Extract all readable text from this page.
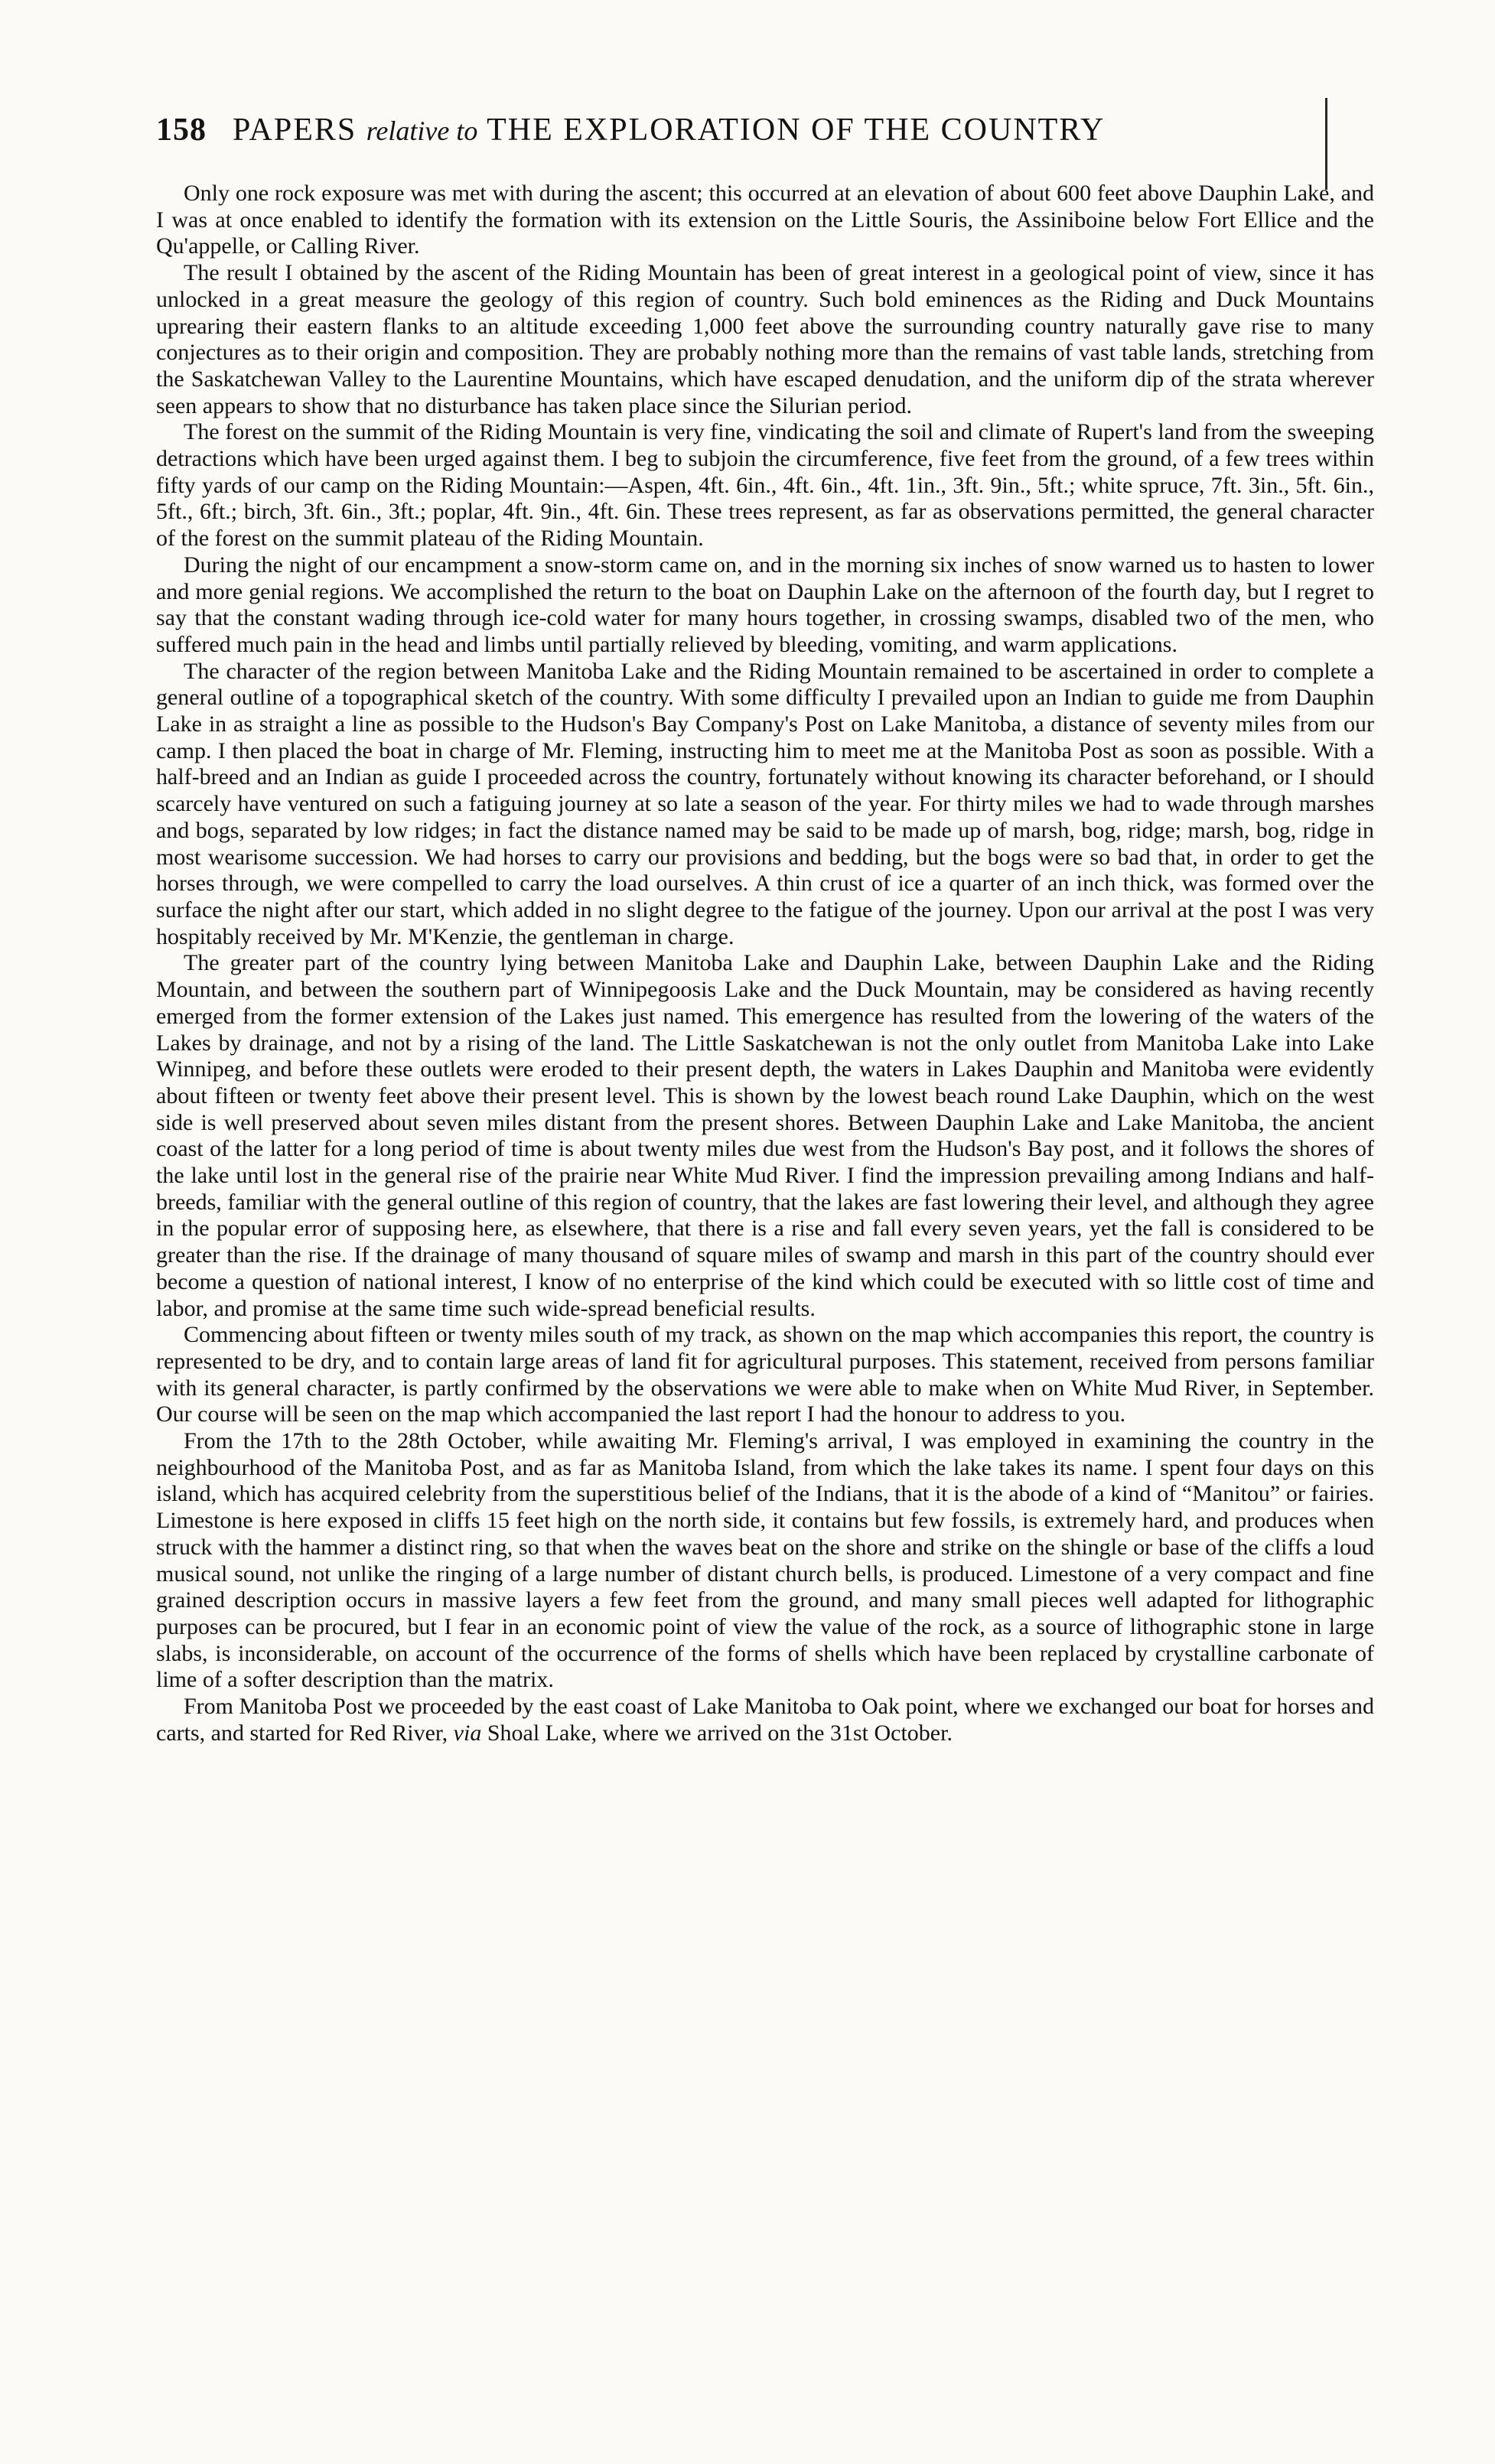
158 PAPERS relative to THE EXPLORATION OF THE COUNTRY

Only one rock exposure was met with during the ascent; this occurred at an elevation of about 600 feet above Dauphin Lake, and I was at once enabled to identify the formation with its extension on the Little Souris, the Assiniboine below Fort Ellice and the Qu'appelle, or Calling River.

The result I obtained by the ascent of the Riding Mountain has been of great interest in a geological point of view, since it has unlocked in a great measure the geology of this region of country. Such bold eminences as the Riding and Duck Mountains uprearing their eastern flanks to an altitude exceeding 1,000 feet above the surrounding country naturally gave rise to many conjectures as to their origin and composition. They are probably nothing more than the remains of vast table lands, stretching from the Saskatchewan Valley to the Laurentine Mountains, which have escaped denudation, and the uniform dip of the strata wherever seen appears to show that no disturbance has taken place since the Silurian period.

The forest on the summit of the Riding Mountain is very fine, vindicating the soil and climate of Rupert's land from the sweeping detractions which have been urged against them. I beg to subjoin the circumference, five feet from the ground, of a few trees within fifty yards of our camp on the Riding Mountain:—Aspen, 4ft. 6in., 4ft. 6in., 4ft. 1in., 3ft. 9in., 5ft.; white spruce, 7ft. 3in., 5ft. 6in., 5ft., 6ft.; birch, 3ft. 6in., 3ft.; poplar, 4ft. 9in., 4ft. 6in. These trees represent, as far as observations permitted, the general character of the forest on the summit plateau of the Riding Mountain.

During the night of our encampment a snow-storm came on, and in the morning six inches of snow warned us to hasten to lower and more genial regions. We accomplished the return to the boat on Dauphin Lake on the afternoon of the fourth day, but I regret to say that the constant wading through ice-cold water for many hours together, in crossing swamps, disabled two of the men, who suffered much pain in the head and limbs until partially relieved by bleeding, vomiting, and warm applications.

The character of the region between Manitoba Lake and the Riding Mountain remained to be ascertained in order to complete a general outline of a topographical sketch of the country. With some difficulty I prevailed upon an Indian to guide me from Dauphin Lake in as straight a line as possible to the Hudson's Bay Company's Post on Lake Manitoba, a distance of seventy miles from our camp. I then placed the boat in charge of Mr. Fleming, instructing him to meet me at the Manitoba Post as soon as possible. With a half-breed and an Indian as guide I proceeded across the country, fortunately without knowing its character beforehand, or I should scarcely have ventured on such a fatiguing journey at so late a season of the year. For thirty miles we had to wade through marshes and bogs, separated by low ridges; in fact the distance named may be said to be made up of marsh, bog, ridge; marsh, bog, ridge in most wearisome succession. We had horses to carry our provisions and bedding, but the bogs were so bad that, in order to get the horses through, we were compelled to carry the load ourselves. A thin crust of ice a quarter of an inch thick, was formed over the surface the night after our start, which added in no slight degree to the fatigue of the journey. Upon our arrival at the post I was very hospitably received by Mr. M'Kenzie, the gentleman in charge.

The greater part of the country lying between Manitoba Lake and Dauphin Lake, between Dauphin Lake and the Riding Mountain, and between the southern part of Winnipegoosis Lake and the Duck Mountain, may be considered as having recently emerged from the former extension of the Lakes just named. This emergence has resulted from the lowering of the waters of the Lakes by drainage, and not by a rising of the land. The Little Saskatchewan is not the only outlet from Manitoba Lake into Lake Winnipeg, and before these outlets were eroded to their present depth, the waters in Lakes Dauphin and Manitoba were evidently about fifteen or twenty feet above their present level. This is shown by the lowest beach round Lake Dauphin, which on the west side is well preserved about seven miles distant from the present shores. Between Dauphin Lake and Lake Manitoba, the ancient coast of the latter for a long period of time is about twenty miles due west from the Hudson's Bay post, and it follows the shores of the lake until lost in the general rise of the prairie near White Mud River. I find the impression prevailing among Indians and half-breeds, familiar with the general outline of this region of country, that the lakes are fast lowering their level, and although they agree in the popular error of supposing here, as elsewhere, that there is a rise and fall every seven years, yet the fall is considered to be greater than the rise. If the drainage of many thousand of square miles of swamp and marsh in this part of the country should ever become a question of national interest, I know of no enterprise of the kind which could be executed with so little cost of time and labor, and promise at the same time such wide-spread beneficial results.

Commencing about fifteen or twenty miles south of my track, as shown on the map which accompanies this report, the country is represented to be dry, and to contain large areas of land fit for agricultural purposes. This statement, received from persons familiar with its general character, is partly confirmed by the observations we were able to make when on White Mud River, in September. Our course will be seen on the map which accompanied the last report I had the honour to address to you.

From the 17th to the 28th October, while awaiting Mr. Fleming's arrival, I was employed in examining the country in the neighbourhood of the Manitoba Post, and as far as Manitoba Island, from which the lake takes its name. I spent four days on this island, which has acquired celebrity from the superstitious belief of the Indians, that it is the abode of a kind of “Manitou” or fairies. Limestone is here exposed in cliffs 15 feet high on the north side, it contains but few fossils, is extremely hard, and produces when struck with the hammer a distinct ring, so that when the waves beat on the shore and strike on the shingle or base of the cliffs a loud musical sound, not unlike the ringing of a large number of distant church bells, is produced. Limestone of a very compact and fine grained description occurs in massive layers a few feet from the ground, and many small pieces well adapted for lithographic purposes can be procured, but I fear in an economic point of view the value of the rock, as a source of lithographic stone in large slabs, is inconsiderable, on account of the occurrence of the forms of shells which have been replaced by crystalline carbonate of lime of a softer description than the matrix.

From Manitoba Post we proceeded by the east coast of Lake Manitoba to Oak point, where we exchanged our boat for horses and carts, and started for Red River, via Shoal Lake, where we arrived on the 31st October.
